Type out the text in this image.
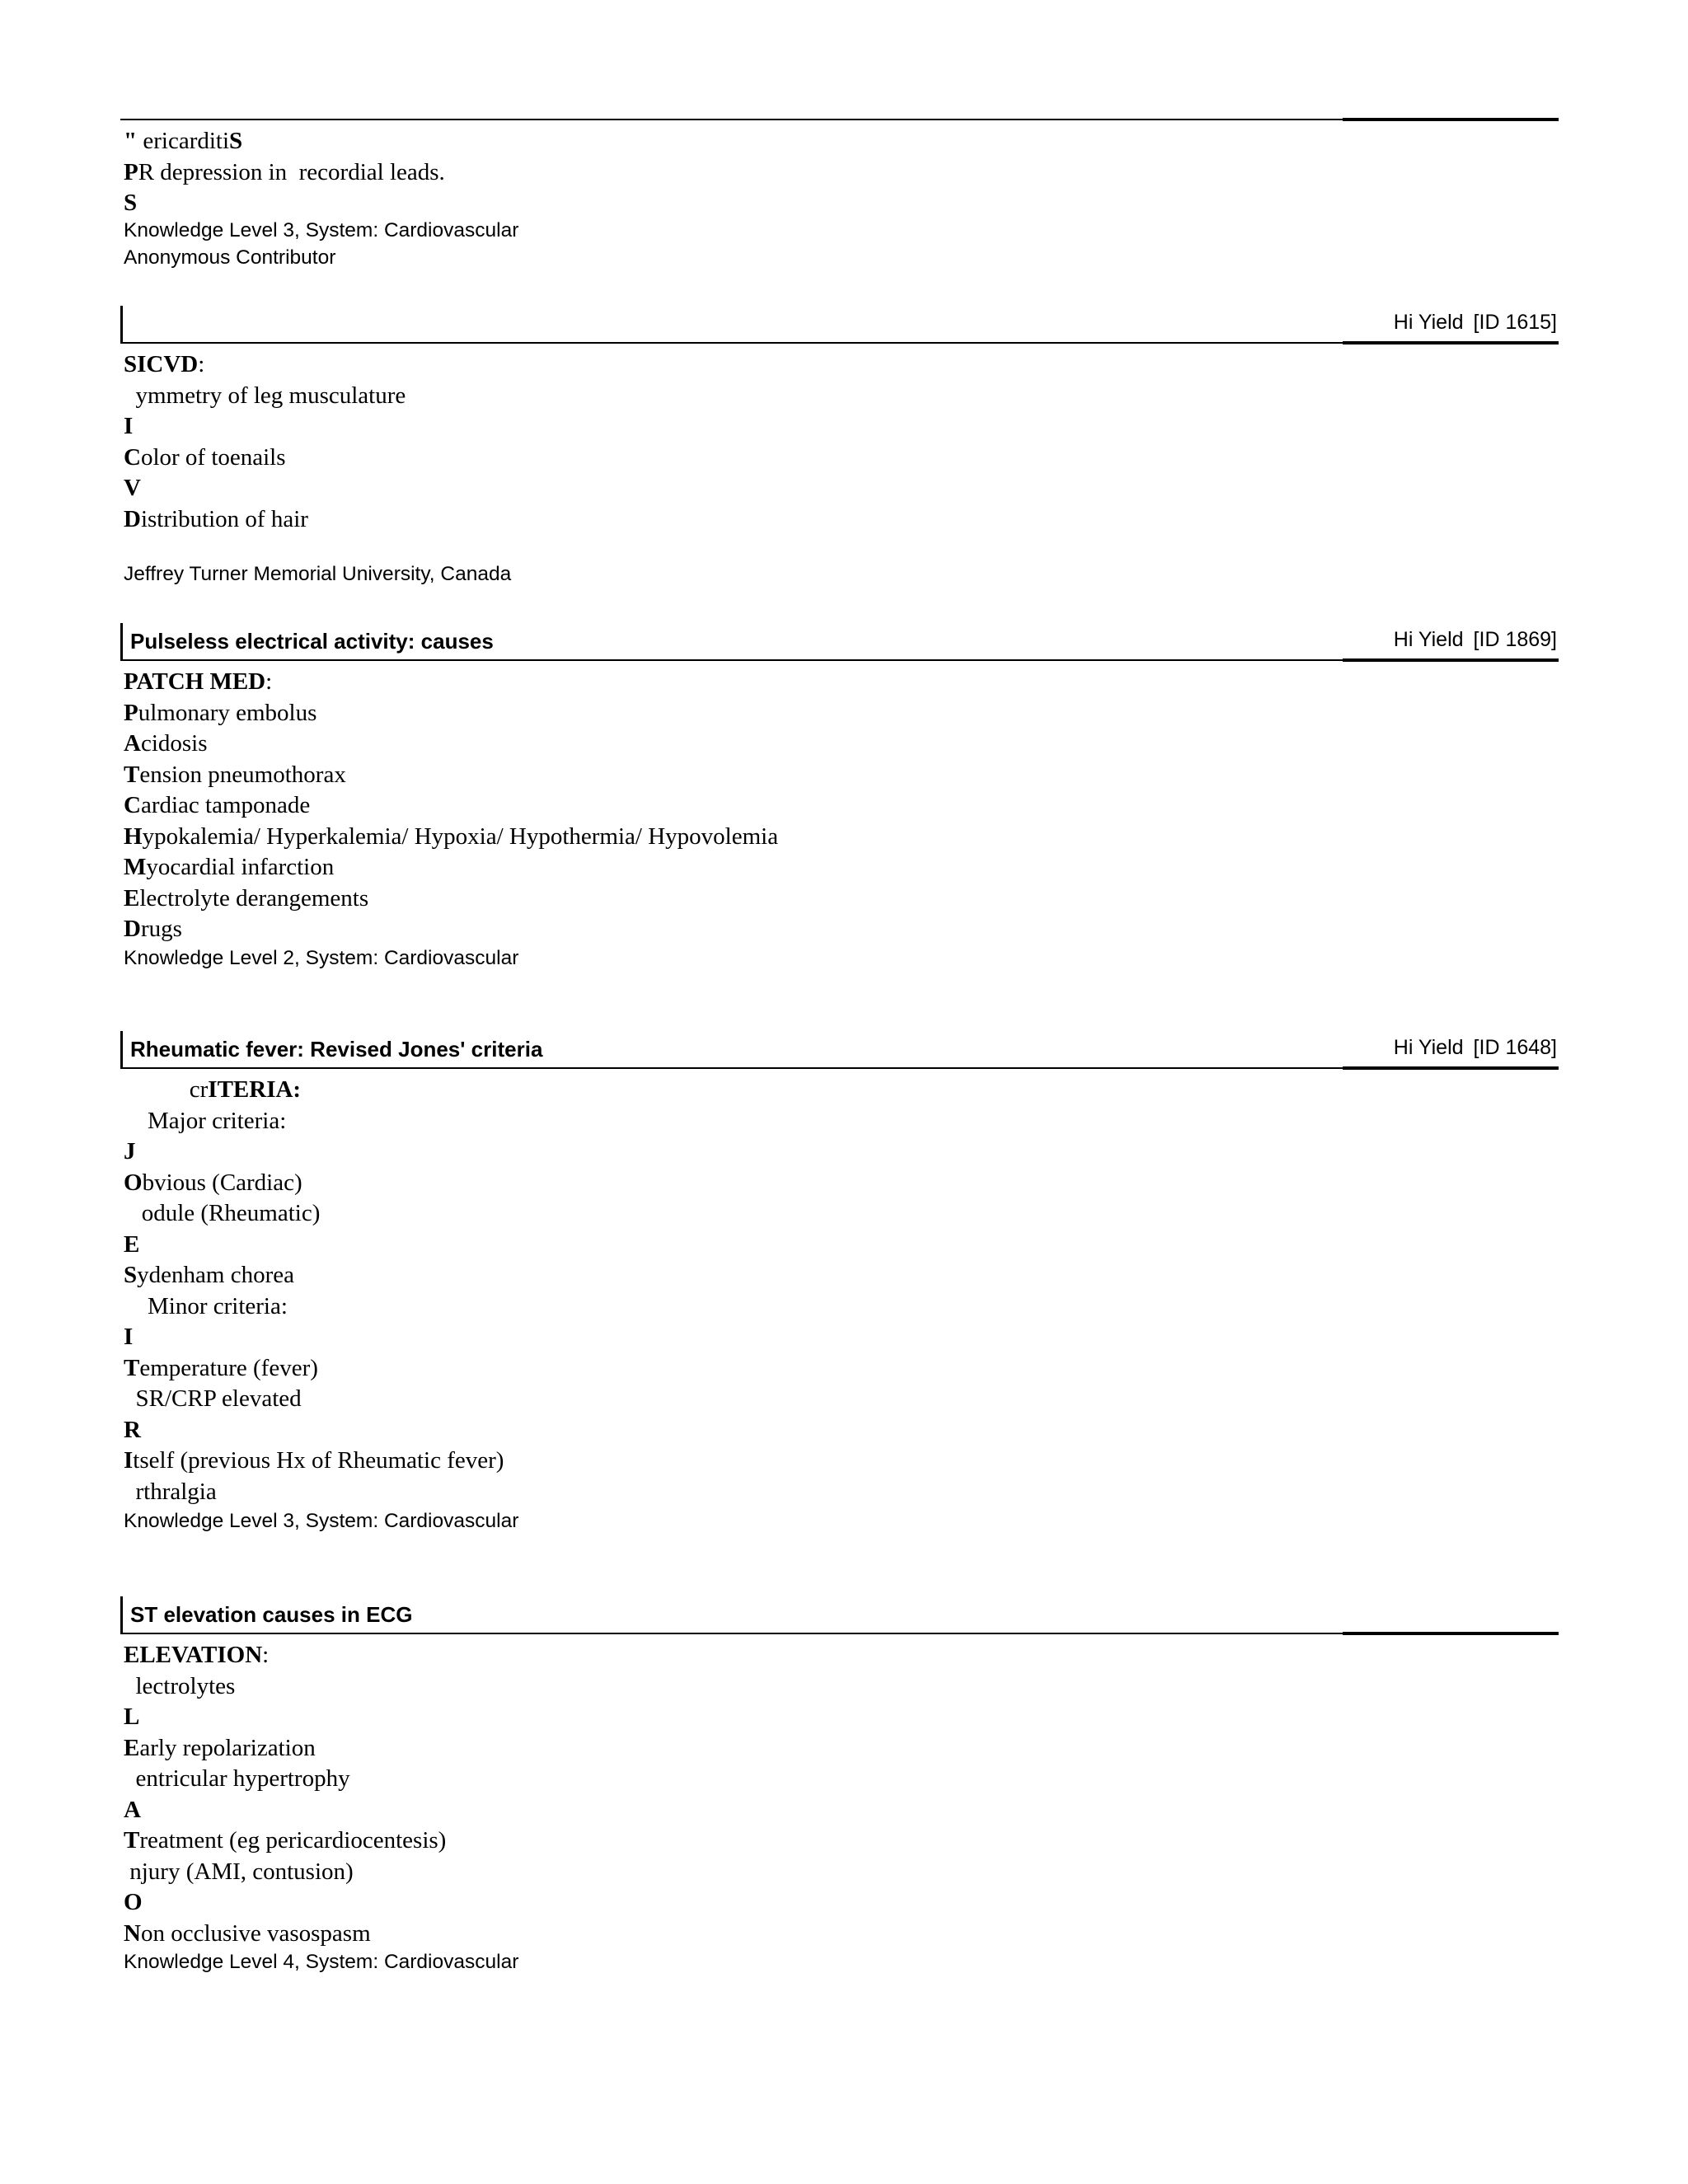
" ericarditiS
PR depression in  recordial leads.
S
Knowledge Level 3, System: Cardiovascular
Anonymous Contributor
Hi Yield [ID 1615]
SICVD:
ymmetry of leg musculature
I
Color of toenails
V
Distribution of hair
Jeffrey Turner Memorial University, Canada
Pulseless electrical activity: causes	Hi Yield [ID 1869]
PATCH MED:
Pulmonary embolus
Acidosis
Tension pneumothorax
Cardiac tamponade
Hypokalemia/ Hyperkalemia/ Hypoxia/ Hypothermia/ Hypovolemia
Myocardial infarction
Electrolyte derangements
Drugs
Knowledge Level 2, System: Cardiovascular
Rheumatic fever: Revised Jones' criteria	Hi Yield [ID 1648]
crITERIA:
Major criteria:
J
Obvious (Cardiac)
odule (Rheumatic)
E
Sydenham chorea
Minor criteria:
I
Temperature (fever)
SR/CRP elevated
R
Itself (previous Hx of Rheumatic fever)
rthralgia
Knowledge Level 3, System: Cardiovascular
ST elevation causes in ECG
ELEVATION:
lectrolytes
L
Early repolarization
entricular hypertrophy
A
Treatment (eg pericardiocentesis)
njury (AMI, contusion)
O
Non occlusive vasospasm
Knowledge Level 4, System: Cardiovascular
